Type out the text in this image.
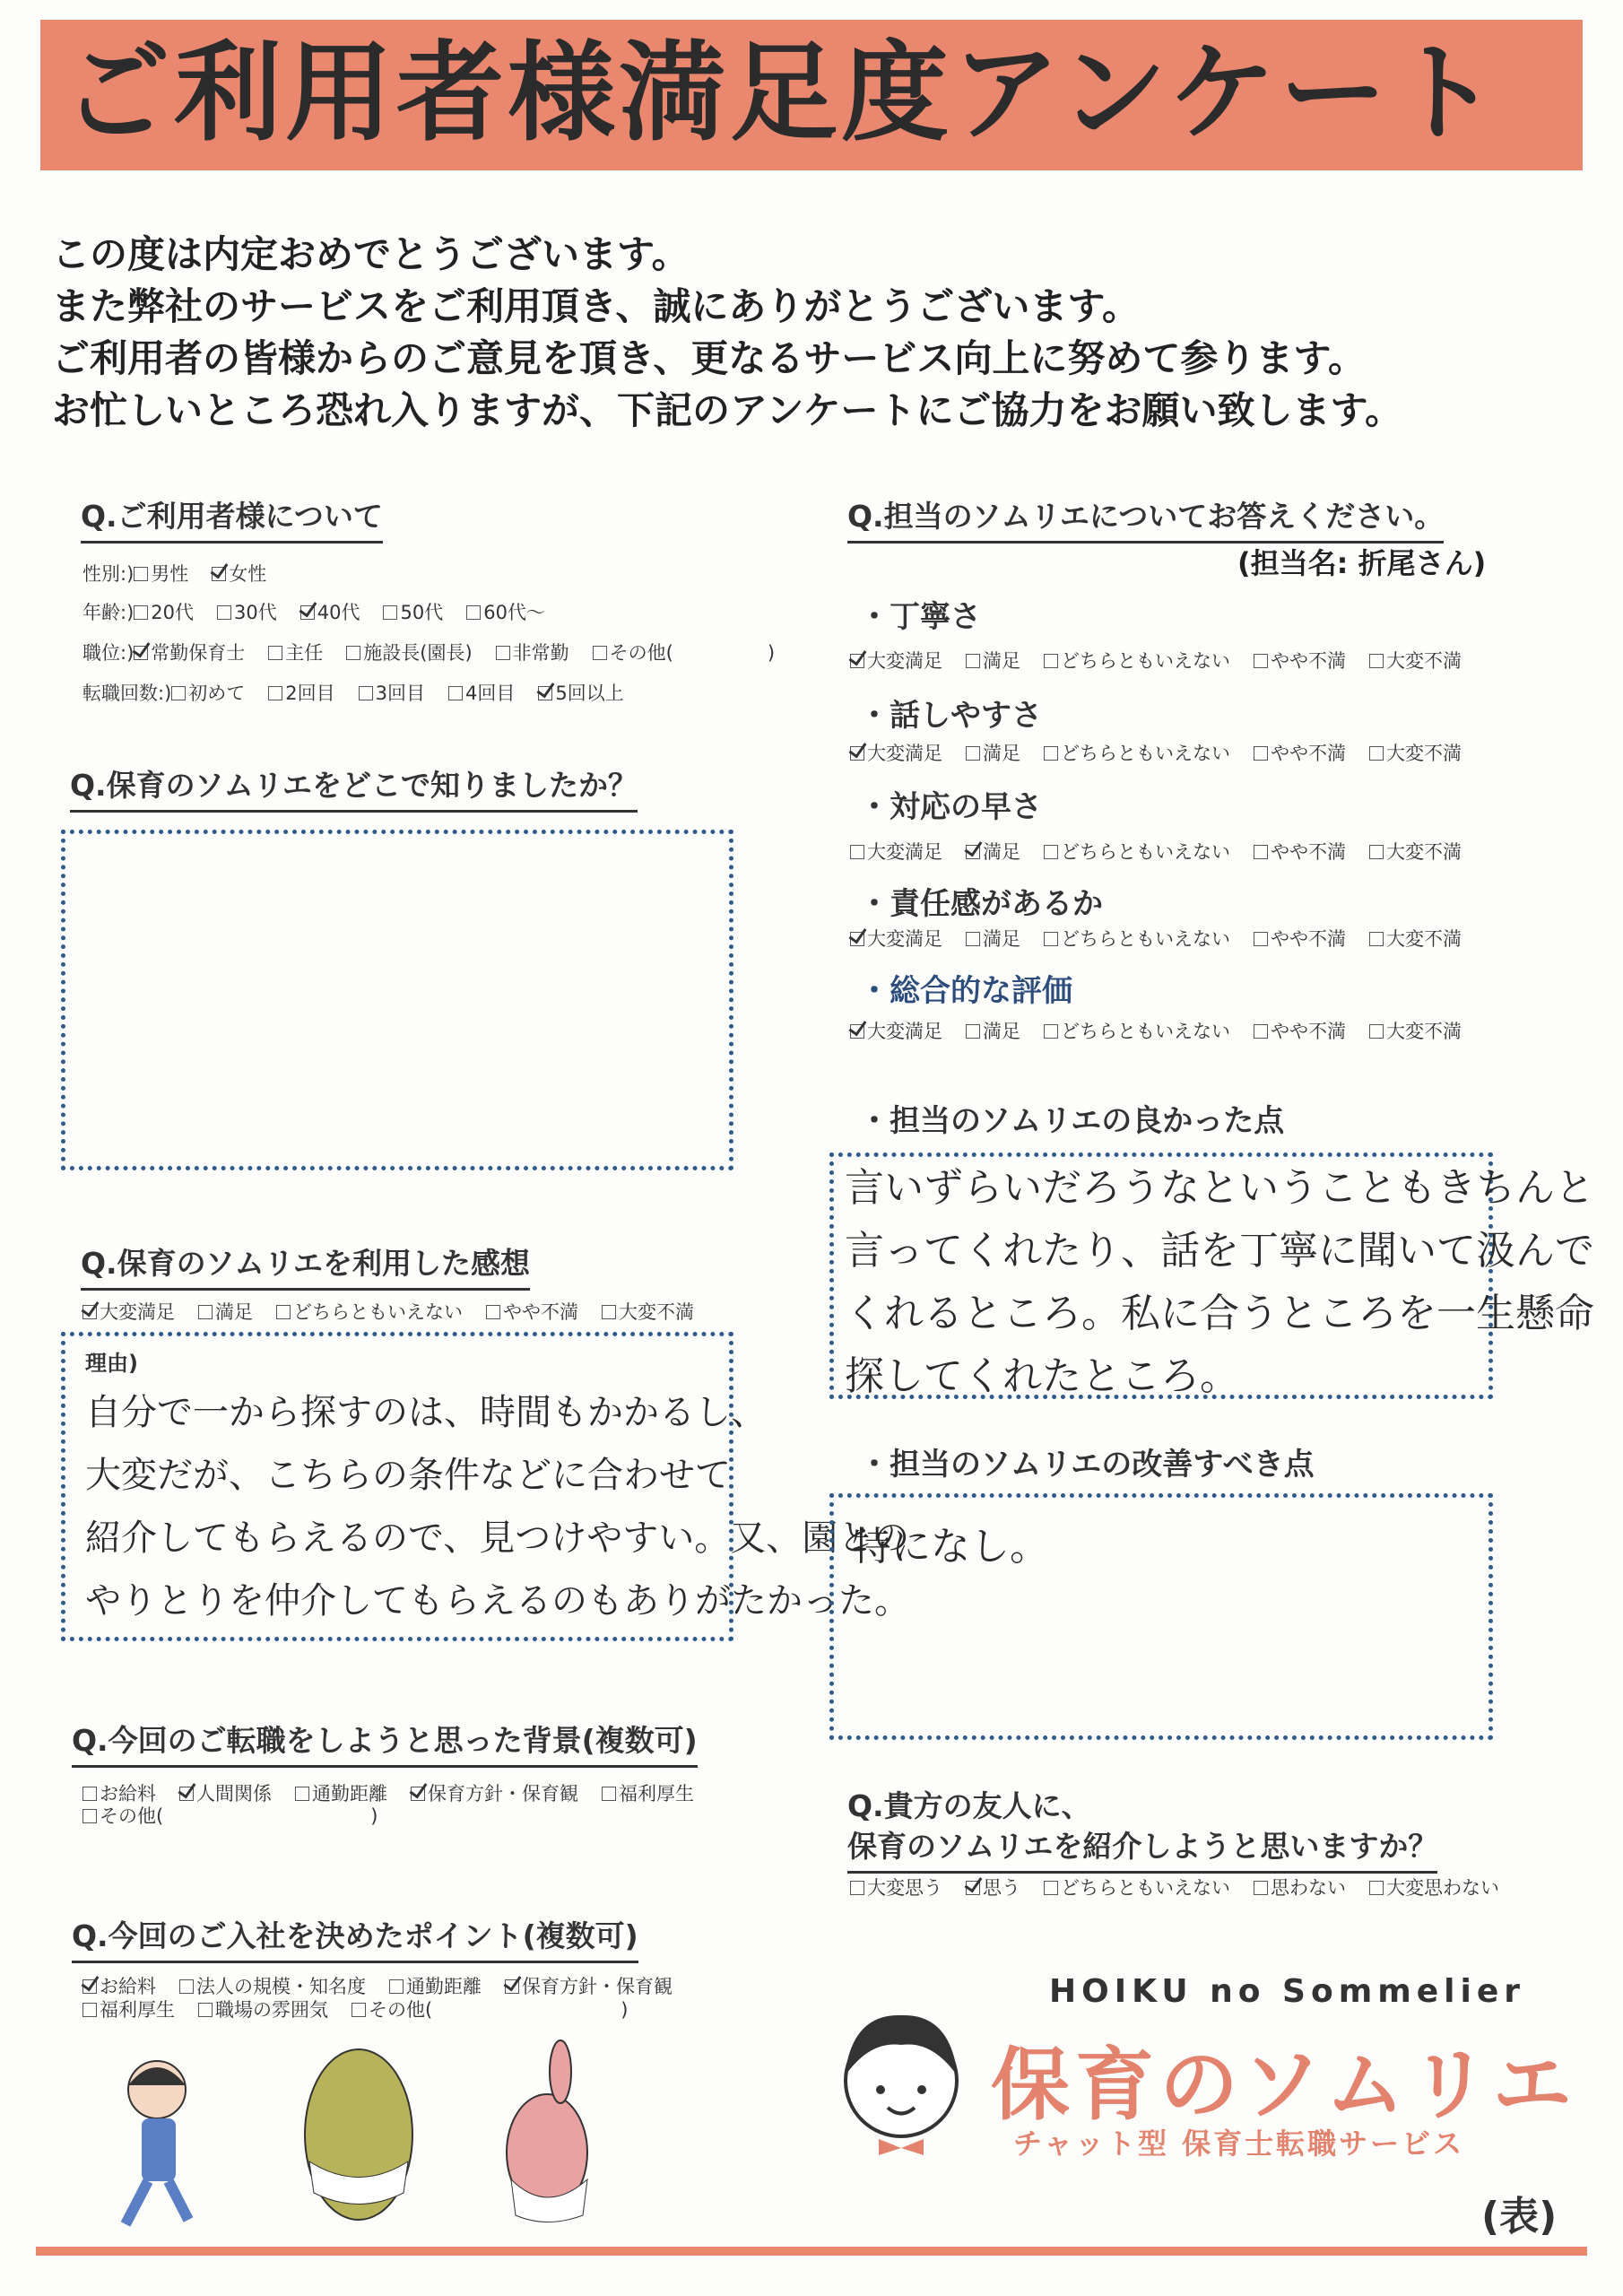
ご利用者様満足度アンケート
この度は内定おめでとうございます。
また弊社のサービスをご利用頂き、誠にありがとうございます。
ご利用者の皆様からのご意見を頂き、更なるサービス向上に努めて参ります。
お忙しいところ恐れ入りますが、下記のアンケートにご協力をお願い致します。
Q.ご利用者様について
性別:) 男性 女性
年齢:) 20代 30代 40代 50代 60代～
職位:) 常勤保育士 主任 施設長(園長) 非常勤 その他(　　　　　)
転職回数:) 初めて 2回目 3回目 4回目 5回以上
Q.保育のソムリエをどこで知りましたか？
Q.保育のソムリエを利用した感想
大変満足 満足 どちらともいえない やや不満 大変不満
理由)
自分で一から探すのは、時間もかかるし、
大変だが、こちらの条件などに合わせて
紹介してもらえるので、見つけやすい。又、園との
やりとりを仲介してもらえるのもありがたかった。
Q.今回のご転職をしようと思った背景(複数可)
お給料 人間関係 通勤距離 保育方針・保育観 福利厚生
その他(　　　　　　　　　　　)
Q.今回のご入社を決めたポイント(複数可)
お給料 法人の規模・知名度 通勤距離 保育方針・保育観
福利厚生 職場の雰囲気 その他(　　　　　　　　　　)
Q.担当のソムリエについてお答えください。
(担当名: 折尾さん)
・丁寧さ
大変満足 満足 どちらともいえない やや不満 大変不満
・話しやすさ
大変満足 満足 どちらともいえない やや不満 大変不満
・対応の早さ
大変満足 満足 どちらともいえない やや不満 大変不満
・責任感があるか
大変満足 満足 どちらともいえない やや不満 大変不満
・総合的な評価
大変満足 満足 どちらともいえない やや不満 大変不満
・担当のソムリエの良かった点
言いずらいだろうなということもきちんと
言ってくれたり、話を丁寧に聞いて汲んで
くれるところ。私に合うところを一生懸命
探してくれたところ。
・担当のソムリエの改善すべき点
特になし。
Q.貴方の友人に、
保育のソムリエを紹介しようと思いますか？
大変思う 思う どちらともいえない 思わない 大変思わない
HOIKU no Sommelier
保育のソムリエ
チャット型 保育士転職サービス
(表)
